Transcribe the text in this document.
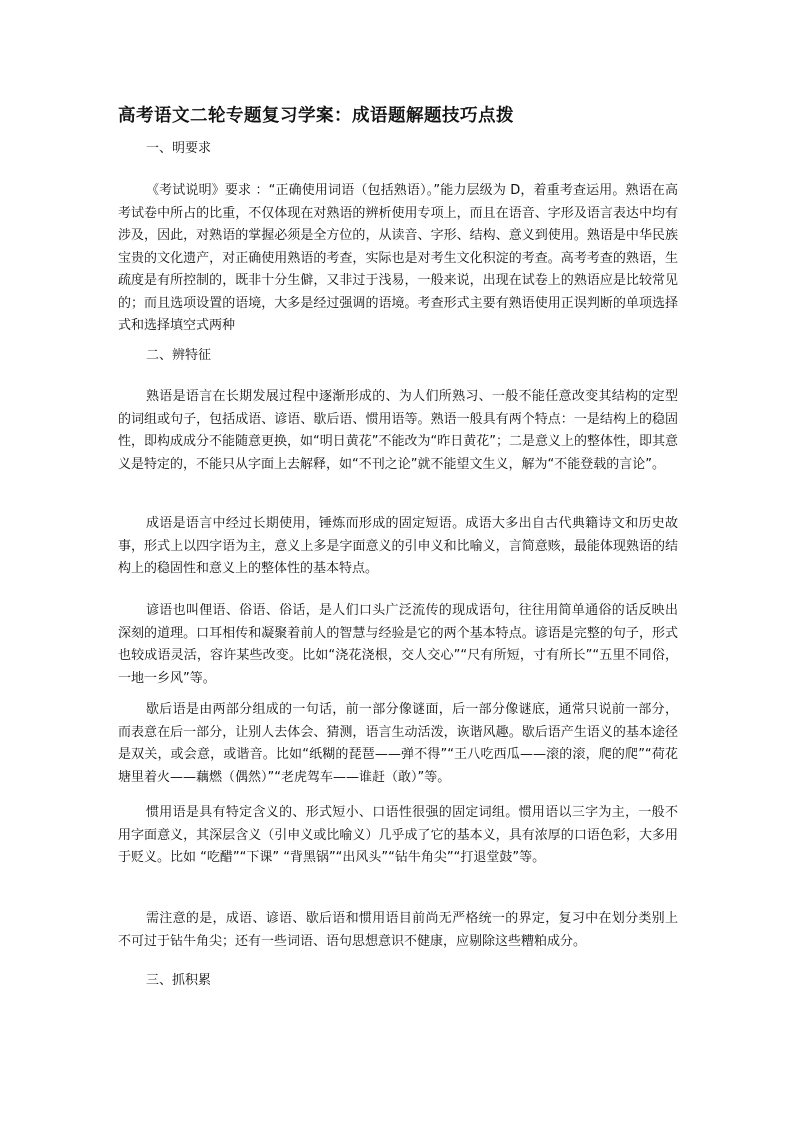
高考语文二轮专题复习学案：成语题解题技巧点拨

一、明要求

《考试说明》要求 ：“正确使用词语（包括熟语）。”能力层级为 D，着重考查运用。熟语在高考试卷中所占的比重，不仅体现在对熟语的辨析使用专项上，而且在语音、字形及语言表达中均有涉及，因此，对熟语的掌握必须是全方位的，从读音、字形、结构、意义到使用。熟语是中华民族宝贵的文化遗产，对正确使用熟语的考查，实际也是对考生文化积淀的考查。高考考查的熟语，生疏度是有所控制的，既非十分生僻，又非过于浅易，一般来说，出现在试卷上的熟语应是比较常见的；而且选项设置的语境，大多是经过强调的语境。考查形式主要有熟语使用正误判断的单项选择式和选择填空式两种

二、辨特征

熟语是语言在长期发展过程中逐渐形成的、为人们所熟习、一般不能任意改变其结构的定型的词组或句子，包括成语、谚语、歇后语、惯用语等。熟语一般具有两个特点：一是结构上的稳固性，即构成成分不能随意更换，如“明日黄花”不能改为“昨日黄花”；二是意义上的整体性，即其意义是特定的，不能只从字面上去解释，如“不刊之论”就不能望文生义，解为“不能登载的言论”。

成语是语言中经过长期使用，锤炼而形成的固定短语。成语大多出自古代典籍诗文和历史故事，形式上以四字语为主，意义上多是字面意义的引申义和比喻义，言简意赅，最能体现熟语的结构上的稳固性和意义上的整体性的基本特点。

谚语也叫俚语、俗语、俗话，是人们口头广泛流传的现成语句，往往用简单通俗的话反映出深刻的道理。口耳相传和凝聚着前人的智慧与经验是它的两个基本特点。谚语是完整的句子，形式也较成语灵活，容许某些改变。比如“浇花浇根，交人交心”“尺有所短，寸有所长”“五里不同俗，一地一乡风”等。

歇后语是由两部分组成的一句话，前一部分像谜面，后一部分像谜底，通常只说前一部分，而表意在后一部分，让别人去体会、猜测，语言生动活泼，诙谐风趣。歇后语产生语义的基本途径是双关，或会意，或谐音。比如“纸糊的琵琶——弹不得”“王八吃西瓜——滚的滚，爬的爬”“荷花塘里着火——藕燃（偶然）”“老虎驾车——谁赶（敢）”等。

惯用语是具有特定含义的、形式短小、口语性很强的固定词组。惯用语以三字为主，一般不用字面意义，其深层含义（引申义或比喻义）几乎成了它的基本义，具有浓厚的口语色彩，大多用于贬义。比如 “吃醋”“下课” “背黑锅”“出风头”“钻牛角尖”“打退堂鼓”等。

需注意的是，成语、谚语、歇后语和惯用语目前尚无严格统一的界定，复习中在划分类别上不可过于钻牛角尖；还有一些词语、语句思想意识不健康，应剔除这些糟粕成分。

三、抓积累
